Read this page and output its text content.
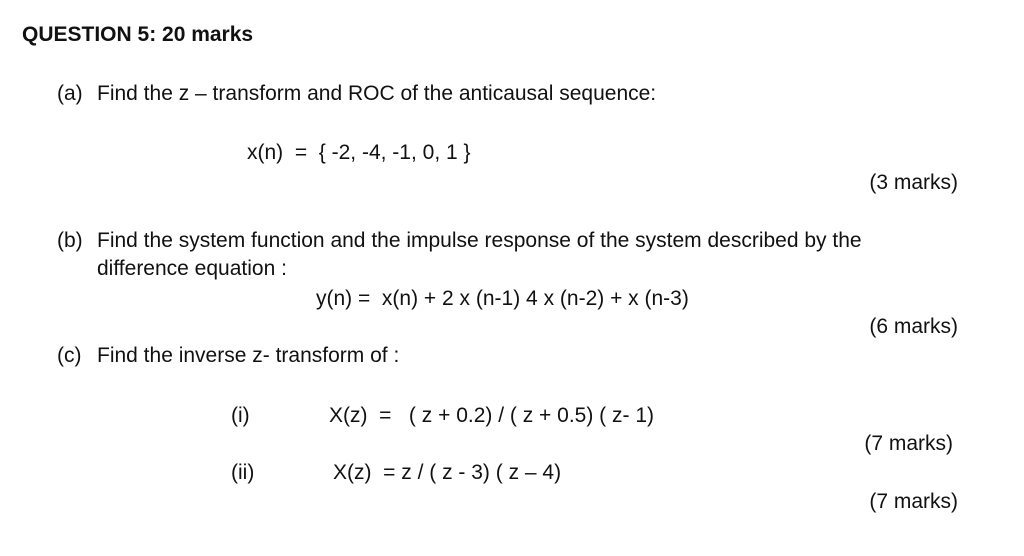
QUESTION 5: 20 marks
(a) Find the z – transform and ROC of the anticausal sequence:
x(n)  =  { -2, -4, -1, 0, 1 }
(3 marks)
(b) Find the system function and the impulse response of the system described by the
difference equation :
y(n) =  x(n) + 2 x (n-1) 4 x (n-2) + x (n-3)
(6 marks)
(c) Find the inverse z- transform of :
(i)	X(z)  =   ( z + 0.2) / ( z + 0.5) ( z- 1)
(7 marks)
(ii)	X(z)  = z / ( z - 3) ( z – 4)
(7 marks)
